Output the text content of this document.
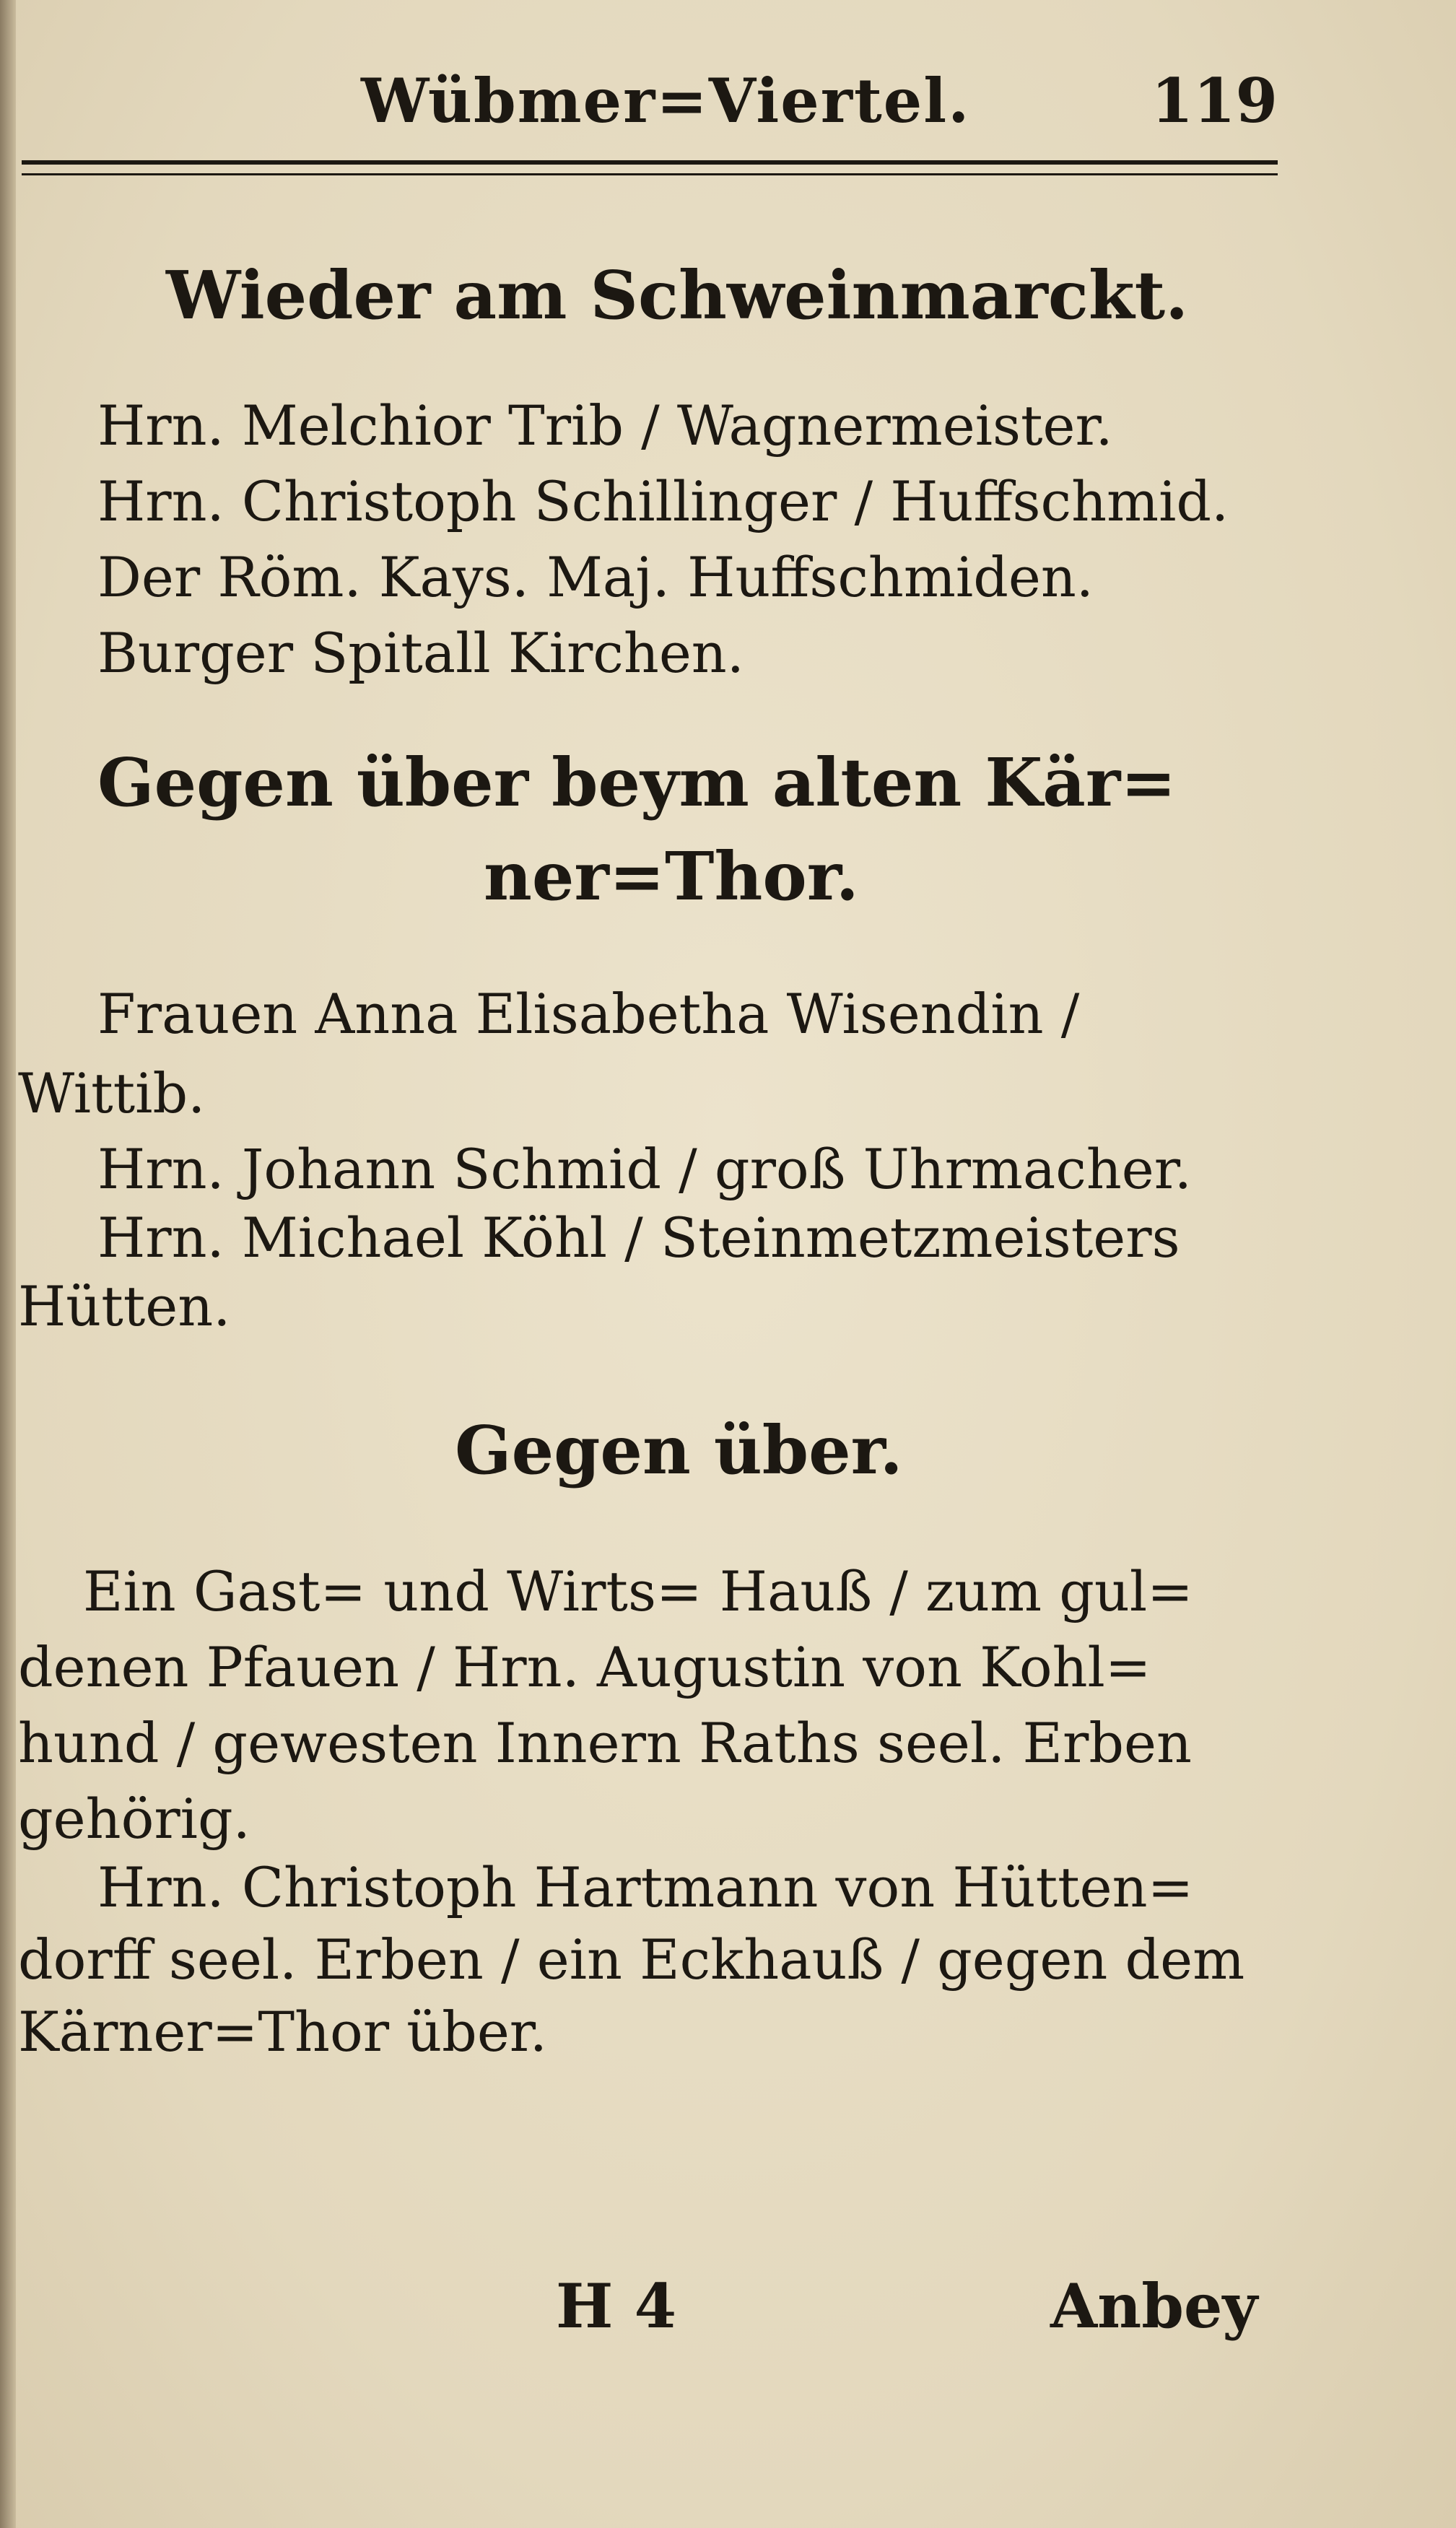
Wübmer=Viertel.	119
Wieder am Schweinmarckt.
Hrn. Melchior Trib / Wagnermeister.
Hrn. Christoph Schillinger / Huffschmid.
Der Röm. Kays. Maj. Huffschmiden.
Burger Spitall Kirchen.
Gegen über beym alten Kär=
ner=Thor.
Frauen Anna Elisabetha Wisendin /
Wittib.
Hrn. Johann Schmid / groß Uhrmacher.
Hrn. Michael Köhl / Steinmetzmeisters
Hütten.
Gegen über.
Ein Gast= und Wirts= Hauß / zum gul=
denen Pfauen / Hrn. Augustin von Kohl=
hund / gewesten Innern Raths seel. Erben
gehörig.
Hrn. Christoph Hartmann von Hütten=
dorff seel. Erben / ein Eckhauß / gegen dem
Kärner=Thor über.
H 4	Anbey
